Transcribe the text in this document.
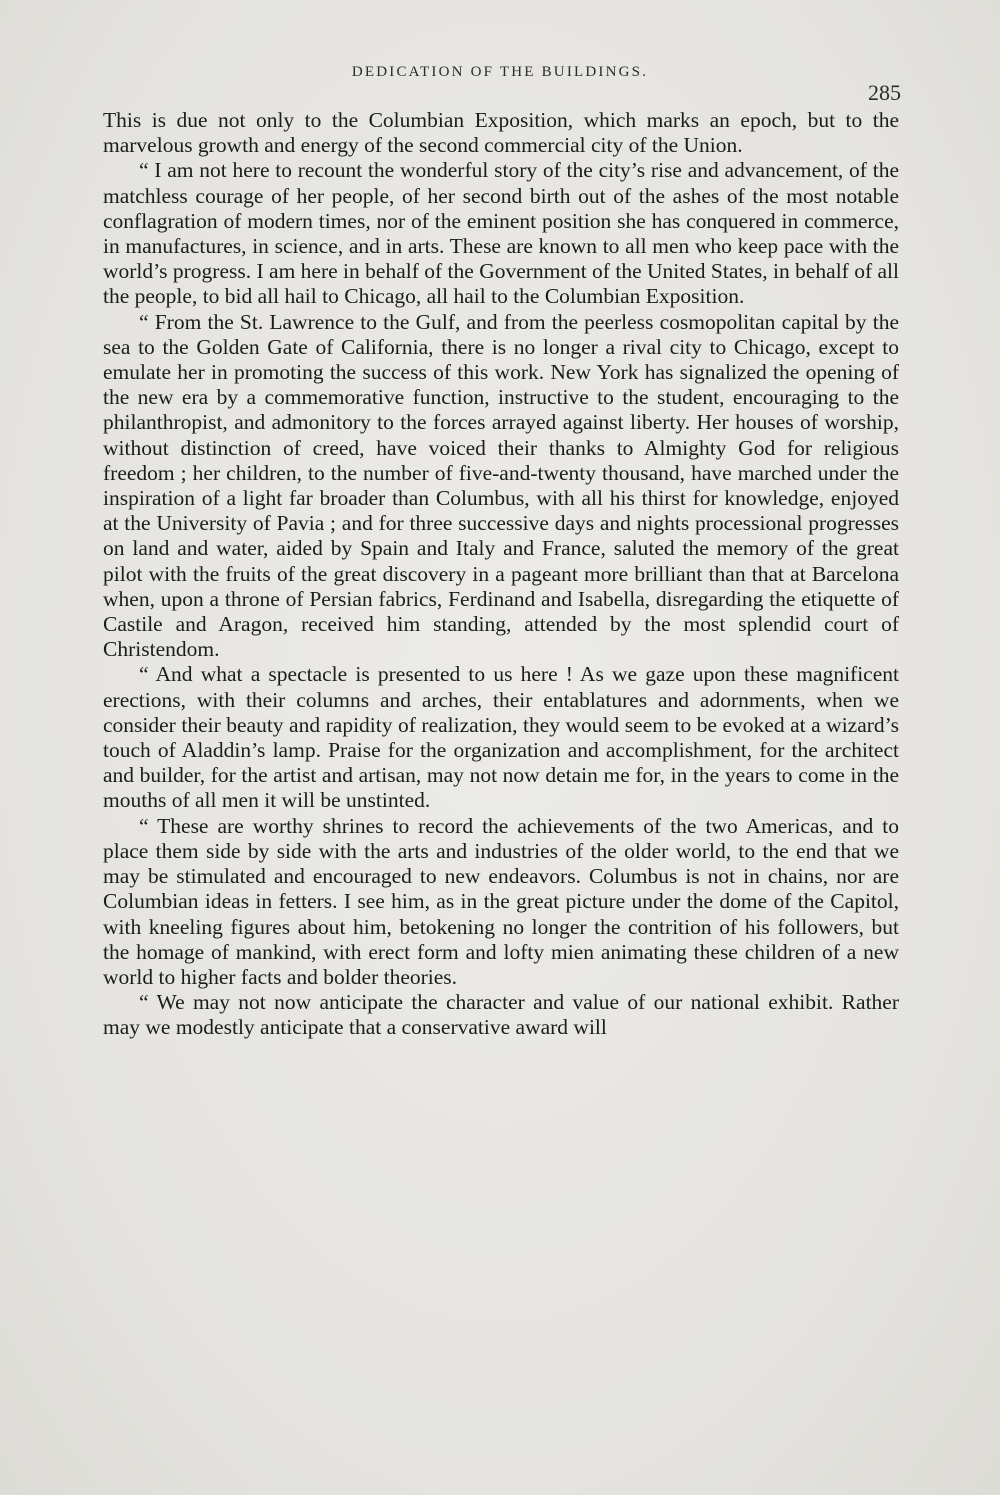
DEDICATION OF THE BUILDINGS.
285

This is due not only to the Columbian Exposition, which marks an epoch, but to the marvelous growth and energy of the second commercial city of the Union.

“ I am not here to recount the wonderful story of the city’s rise and advancement, of the matchless courage of her people, of her second birth out of the ashes of the most notable conflagration of modern times, nor of the eminent position she has conquered in commerce, in manufactures, in science, and in arts. These are known to all men who keep pace with the world’s progress. I am here in behalf of the Government of the United States, in behalf of all the people, to bid all hail to Chicago, all hail to the Columbian Exposition.

“ From the St. Lawrence to the Gulf, and from the peerless cosmopolitan capital by the sea to the Golden Gate of California, there is no longer a rival city to Chicago, except to emulate her in promoting the success of this work. New York has signalized the opening of the new era by a commemorative function, instructive to the student, encouraging to the philanthropist, and admonitory to the forces arrayed against liberty. Her houses of worship, without distinction of creed, have voiced their thanks to Almighty God for religious freedom ; her children, to the number of five-and-twenty thousand, have marched under the inspiration of a light far broader than Columbus, with all his thirst for knowledge, enjoyed at the University of Pavia ; and for three successive days and nights processional progresses on land and water, aided by Spain and Italy and France, saluted the memory of the great pilot with the fruits of the great discovery in a pageant more brilliant than that at Barcelona when, upon a throne of Persian fabrics, Ferdinand and Isabella, disregarding the etiquette of Castile and Aragon, received him standing, attended by the most splendid court of Christendom.

“ And what a spectacle is presented to us here ! As we gaze upon these magnificent erections, with their columns and arches, their entablatures and adornments, when we consider their beauty and rapidity of realization, they would seem to be evoked at a wizard’s touch of Aladdin’s lamp. Praise for the organization and accomplishment, for the architect and builder, for the artist and artisan, may not now detain me for, in the years to come in the mouths of all men it will be unstinted.

“ These are worthy shrines to record the achievements of the two Americas, and to place them side by side with the arts and industries of the older world, to the end that we may be stimulated and encouraged to new endeavors. Columbus is not in chains, nor are Columbian ideas in fetters. I see him, as in the great picture under the dome of the Capitol, with kneeling figures about him, betokening no longer the contrition of his followers, but the homage of mankind, with erect form and lofty mien animating these children of a new world to higher facts and bolder theories.

“ We may not now anticipate the character and value of our national exhibit. Rather may we modestly anticipate that a conservative award will
